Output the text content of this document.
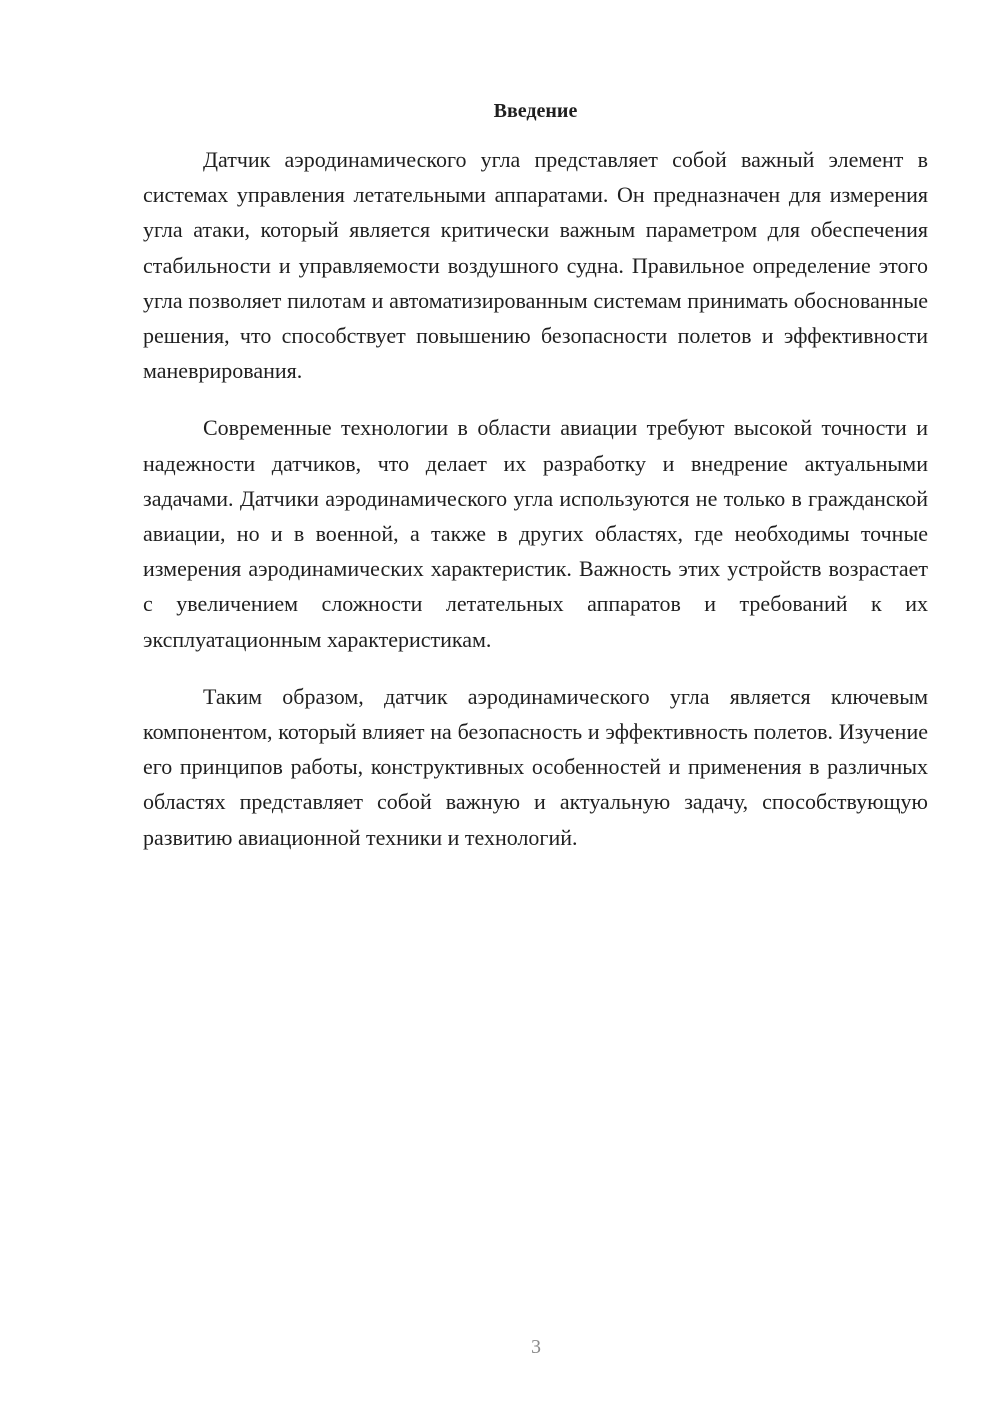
Введение

Датчик аэродинамического угла представляет собой важный элемент в системах управления летательными аппаратами. Он предназначен для измерения угла атаки, который является критически важным параметром для обеспечения стабильности и управляемости воздушного судна. Правильное определение этого угла позволяет пилотам и автоматизированным системам принимать обоснованные решения, что способствует повышению безопасности полетов и эффективности маневрирования.

Современные технологии в области авиации требуют высокой точности и надежности датчиков, что делает их разработку и внедрение актуальными задачами. Датчики аэродинамического угла используются не только в гражданской авиации, но и в военной, а также в других областях, где необходимы точные измерения аэродинамических характеристик. Важность этих устройств возрастает с увеличением сложности летательных аппаратов и требований к их эксплуатационным характеристикам.

Таким образом, датчик аэродинамического угла является ключевым компонентом, который влияет на безопасность и эффективность полетов. Изучение его принципов работы, конструктивных особенностей и применения в различных областях представляет собой важную и актуальную задачу, способствующую развитию авиационной техники и технологий.

3
